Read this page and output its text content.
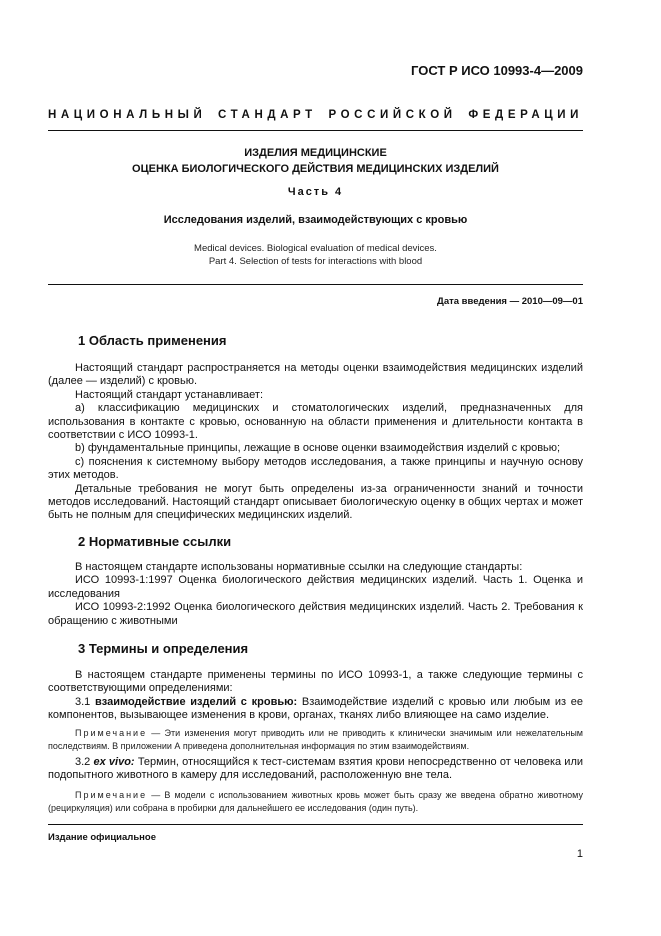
ГОСТ Р ИСО 10993-4—2009
НАЦИОНАЛЬНЫЙ СТАНДАРТ РОССИЙСКОЙ ФЕДЕРАЦИИ
ИЗДЕЛИЯ МЕДИЦИНСКИЕ
ОЦЕНКА БИОЛОГИЧЕСКОГО ДЕЙСТВИЯ МЕДИЦИНСКИХ ИЗДЕЛИЙ
Часть 4
Исследования изделий, взаимодействующих с кровью
Medical devices. Biological evaluation of medical devices.
Part 4. Selection of tests for interactions with blood
Дата введения — 2010—09—01
1 Область применения

Настоящий стандарт распространяется на методы оценки взаимодействия медицинских изделий (далее — изделий) с кровью.

Настоящий стандарт устанавливает:

а) классификацию медицинских и стоматологических изделий, предназначенных для использования в контакте с кровью, основанную на области применения и длительности контакта в соответствии с ИСО 10993-1.

b) фундаментальные принципы, лежащие в основе оценки взаимодействия изделий с кровью;

с) пояснения к системному выбору методов исследования, а также принципы и научную основу этих методов.

Детальные требования не могут быть определены из-за ограниченности знаний и точности методов исследований. Настоящий стандарт описывает биологическую оценку в общих чертах и может быть не полным для специфических медицинских изделий.

2 Нормативные ссылки

В настоящем стандарте использованы нормативные ссылки на следующие стандарты:

ИСО 10993-1:1997 Оценка биологического действия медицинских изделий. Часть 1. Оценка и исследования

ИСО 10993-2:1992 Оценка биологического действия медицинских изделий. Часть 2. Требования к обращению с животными

3 Термины и определения

В настоящем стандарте применены термины по ИСО 10993-1, а также следующие термины с соответствующими определениями:

3.1 взаимодействие изделий с кровью: Взаимодействие изделий с кровью или любым из ее компонентов, вызывающее изменения в крови, органах, тканях либо влияющее на само изделие.

Примечание — Эти изменения могут приводить или не приводить к клинически значимым или нежелательным последствиям. В приложении А приведена дополнительная информация по этим взаимодействиям.

3.2 ex vivo: Термин, относящийся к тест-системам взятия крови непосредственно от человека или подопытного животного в камеру для исследований, расположенную вне тела.

Примечание — В модели с использованием животных кровь может быть сразу же введена обратно животному (рециркуляция) или собрана в пробирки для дальнейшего ее исследования (один путь).

Издание официальное
1
